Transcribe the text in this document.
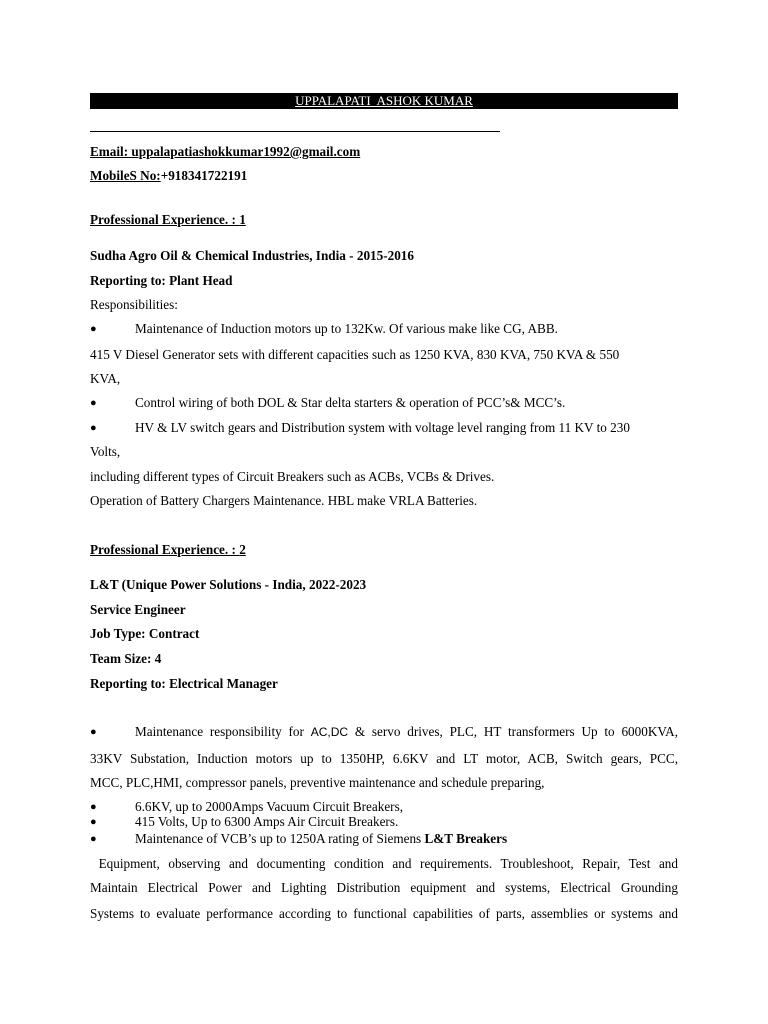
UPPALAPATI  ASHOK KUMAR
Email: uppalapatiashokkumar1992@gmail.com
MobileS No:+918341722191
Professional Experience. : 1
Sudha Agro Oil & Chemical Industries, India - 2015-2016
Reporting to: Plant Head
Responsibilities:
●	Maintenance of Induction motors up to 132Kw. Of various make like CG, ABB.
415 V Diesel Generator sets with different capacities such as 1250 KVA, 830 KVA, 750 KVA & 550
KVA,
●	Control wiring of both DOL & Star delta starters & operation of PCC’s& MCC’s.
●	HV & LV switch gears and Distribution system with voltage level ranging from 11 KV to 230
Volts,
including different types of Circuit Breakers such as ACBs, VCBs & Drives.
Operation of Battery Chargers Maintenance. HBL make VRLA Batteries.
Professional Experience. : 2
L&T (Unique Power Solutions - India, 2022-2023
Service Engineer
Job Type: Contract
Team Size: 4
Reporting to: Electrical Manager
●	Maintenance responsibility for AC,DC & servo drives, PLC, HT transformers Up to 6000KVA,
33KV Substation, Induction motors up to 1350HP, 6.6KV and LT motor, ACB, Switch gears, PCC,
MCC, PLC,HMI, compressor panels, preventive maintenance and schedule preparing,
●	6.6KV, up to 2000Amps Vacuum Circuit Breakers,
●	415 Volts, Up to 6300 Amps Air Circuit Breakers.
●	Maintenance of VCB’s up to 1250A rating of Siemens L&T Breakers
Equipment, observing and documenting condition and requirements. Troubleshoot, Repair, Test and
Maintain Electrical Power and Lighting Distribution equipment and systems, Electrical Grounding
Systems to evaluate performance according to functional capabilities of parts, assemblies or systems and
